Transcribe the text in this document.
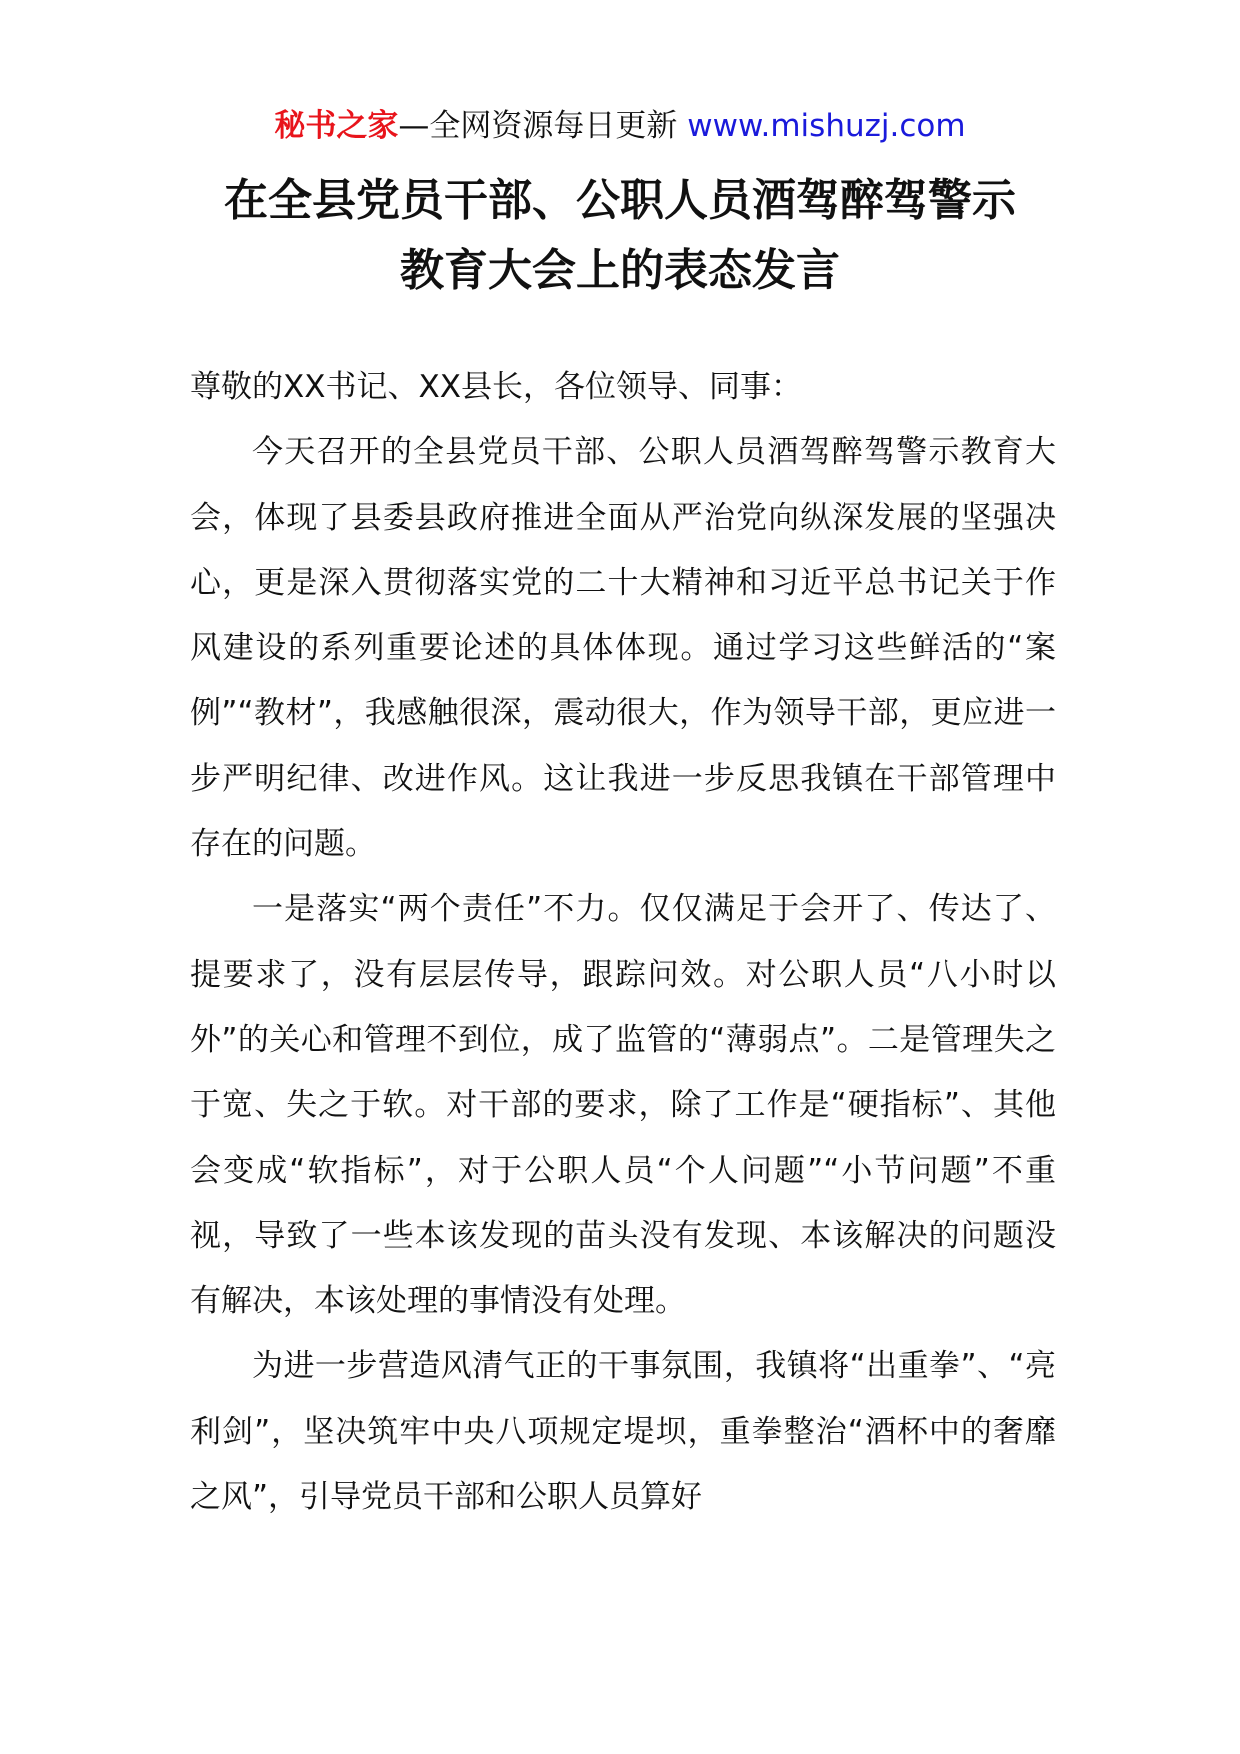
秘书之家—全网资源每日更新 www.mishuzj.com
在全县党员干部、公职人员酒驾醉驾警示
教育大会上的表态发言

尊敬的XX书记、XX县长，各位领导、同事：

今天召开的全县党员干部、公职人员酒驾醉驾警示教育大会，体现了县委县政府推进全面从严治党向纵深发展的坚强决心，更是深入贯彻落实党的二十大精神和习近平总书记关于作风建设的系列重要论述的具体体现。通过学习这些鲜活的“案例”“教材”，我感触很深，震动很大，作为领导干部，更应进一步严明纪律、改进作风。这让我进一步反思我镇在干部管理中存在的问题。

一是落实“两个责任”不力。仅仅满足于会开了、传达了、提要求了，没有层层传导，跟踪问效。对公职人员“八小时以外”的关心和管理不到位，成了监管的“薄弱点”。二是管理失之于宽、失之于软。对干部的要求，除了工作是“硬指标”、其他会变成“软指标”，对于公职人员“个人问题”“小节问题”不重视，导致了一些本该发现的苗头没有发现、本该解决的问题没有解决，本该处理的事情没有处理。

为进一步营造风清气正的干事氛围，我镇将“出重拳”、“亮利剑”，坚决筑牢中央八项规定堤坝，重拳整治“酒杯中的奢靡之风”，引导党员干部和公职人员算好
